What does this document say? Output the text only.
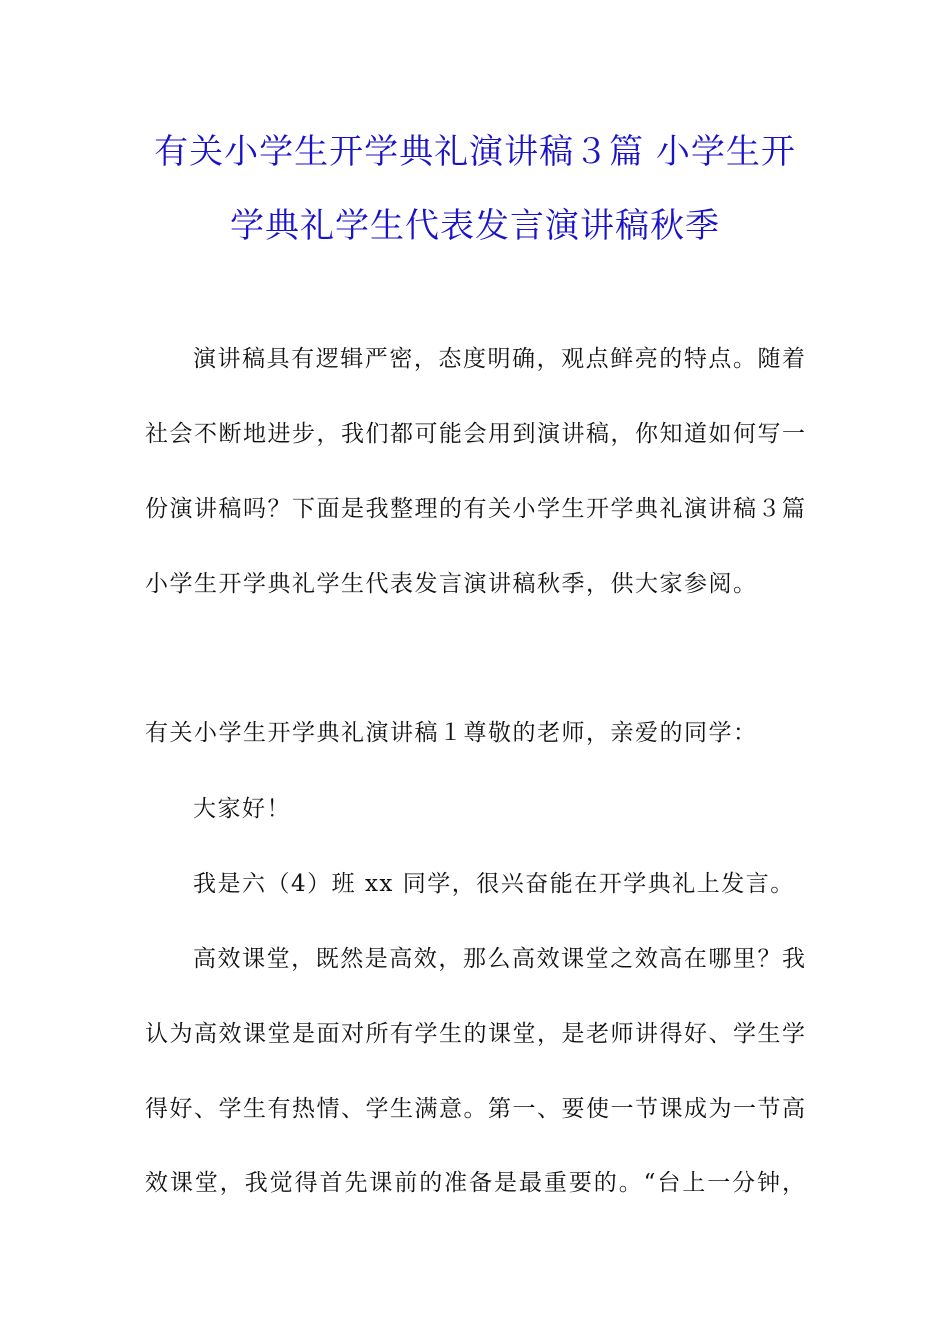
有关小学生开学典礼演讲稿３篇 小学生开
学典礼学生代表发言演讲稿秋季
演讲稿具有逻辑严密，态度明确，观点鲜亮的特点。随着
社会不断地进步，我们都可能会用到演讲稿，你知道如何写一
份演讲稿吗？下面是我整理的有关小学生开学典礼演讲稿３篇
小学生开学典礼学生代表发言演讲稿秋季，供大家参阅。
有关小学生开学典礼演讲稿１尊敬的老师，亲爱的同学：
大家好！
我是六（4）班 xx 同学，很兴奋能在开学典礼上发言。
高效课堂，既然是高效，那么高效课堂之效高在哪里？我
认为高效课堂是面对所有学生的课堂，是老师讲得好、学生学
得好、学生有热情、学生满意。第一、要使一节课成为一节高
效课堂，我觉得首先课前的准备是最重要的。“台上一分钟，
